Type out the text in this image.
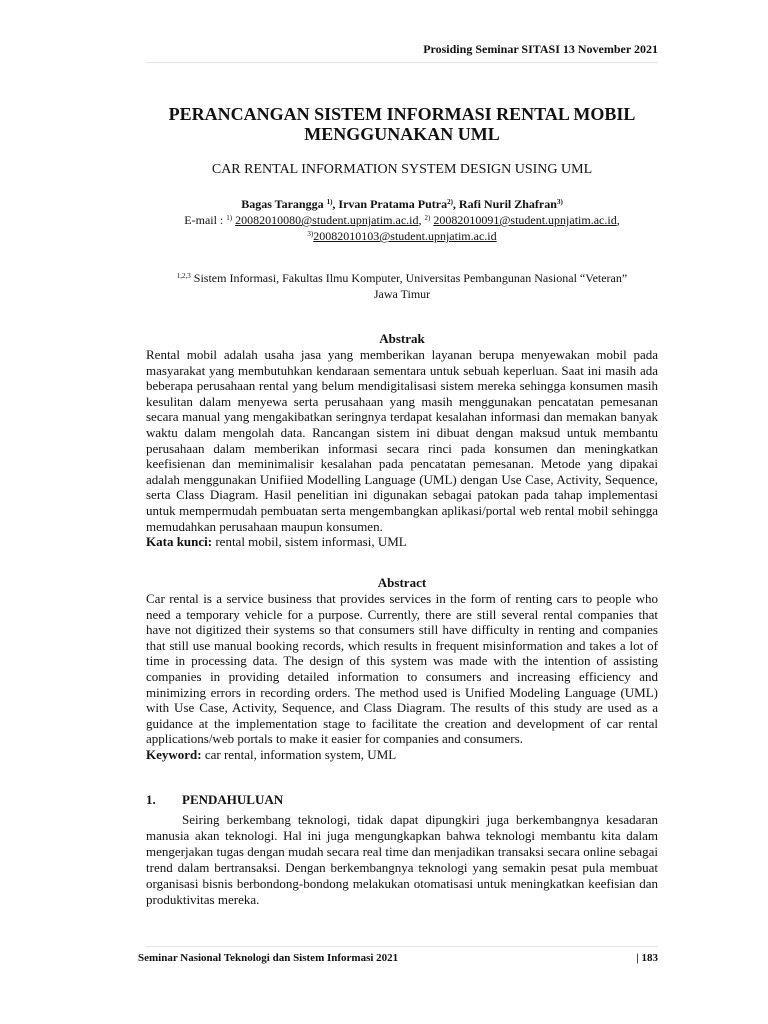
Prosiding Seminar SITASI 13 November 2021
PERANCANGAN SISTEM INFORMASI RENTAL MOBIL
MENGGUNAKAN UML
CAR RENTAL INFORMATION SYSTEM DESIGN USING UML
Bagas Tarangga $^{1)}$, Irvan Pratama Putra$^{2)}$, Rafi Nuril Zhafran$^{3)}$
E-mail : $^{1)}$ 20082010080@student.upnjatim.ac.id, $^{2)}$ 20082010091@student.upnjatim.ac.id,
$^{3)}$20082010103@student.upnjatim.ac.id
$^{1,2,3}$ Sistem Informasi, Fakultas Ilmu Komputer, Universitas Pembangunan Nasional “Veteran”
Jawa Timur
Abstrak
Rental mobil adalah usaha jasa yang memberikan layanan berupa menyewakan mobil pada masyarakat yang membutuhkan kendaraan sementara untuk sebuah keperluan. Saat ini masih ada beberapa perusahaan rental yang belum mendigitalisasi sistem mereka sehingga konsumen masih kesulitan dalam menyewa serta perusahaan yang masih menggunakan pencatatan pemesanan secara manual yang mengakibatkan seringnya terdapat kesalahan informasi dan memakan banyak waktu dalam mengolah data. Rancangan sistem ini dibuat dengan maksud untuk membantu perusahaan dalam memberikan informasi secara rinci pada konsumen dan meningkatkan keefisienan dan meminimalisir kesalahan pada pencatatan pemesanan. Metode yang dipakai adalah menggunakan Unifiied Modelling Language (UML) dengan Use Case, Activity, Sequence, serta Class Diagram. Hasil penelitian ini digunakan sebagai patokan pada tahap implementasi untuk mempermudah pembuatan serta mengembangkan aplikasi/portal web rental mobil sehingga memudahkan perusahaan maupun konsumen.
Kata kunci: rental mobil, sistem informasi, UML
Abstract
Car rental is a service business that provides services in the form of renting cars to people who need a temporary vehicle for a purpose. Currently, there are still several rental companies that have not digitized their systems so that consumers still have difficulty in renting and companies that still use manual booking records, which results in frequent misinformation and takes a lot of time in processing data. The design of this system was made with the intention of assisting companies in providing detailed information to consumers and increasing efficiency and minimizing errors in recording orders. The method used is Unified Modeling Language (UML) with Use Case, Activity, Sequence, and Class Diagram. The results of this study are used as a guidance at the implementation stage to facilitate the creation and development of car rental applications/web portals to make it easier for companies and consumers.
Keyword: car rental, information system, UML
1. PENDAHULUAN
Seiring berkembang teknologi, tidak dapat dipungkiri juga berkembangnya kesadaran manusia akan teknologi. Hal ini juga mengungkapkan bahwa teknologi membantu kita dalam mengerjakan tugas dengan mudah secara real time dan menjadikan transaksi secara online sebagai trend dalam bertransaksi. Dengan berkembangnya teknologi yang semakin pesat pula membuat organisasi bisnis berbondong-bondong melakukan otomatisasi untuk meningkatkan keefisian dan produktivitas mereka.
Seminar Nasional Teknologi dan Sistem Informasi 2021	| 183
